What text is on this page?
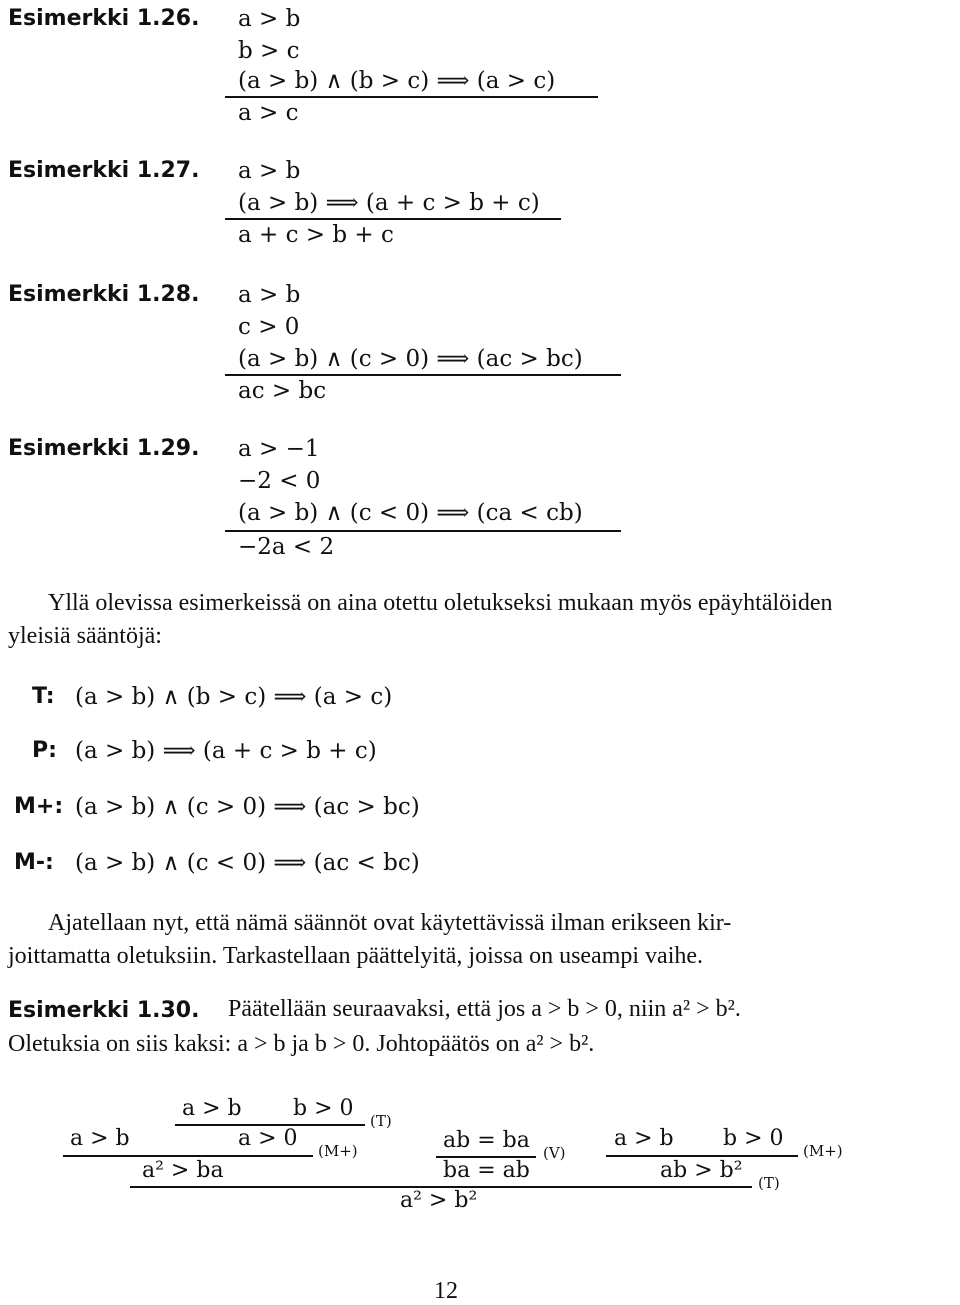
Esimerkki 1.26. a > b
b > c
(a > b) ∧ (b > c) ⟹ (a > c)
a > c
Esimerkki 1.27. a > b
(a > b) ⟹ (a + c > b + c)
a + c > b + c
Esimerkki 1.28. a > b
c > 0
(a > b) ∧ (c > 0) ⟹ (ac > bc)
ac > bc
Esimerkki 1.29. a > −1
−2 < 0
(a > b) ∧ (c < 0) ⟹ (ca < cb)
−2a < 2
Yllä olevissa esimerkeissä on aina otettu oletukseksi mukaan myös epäyhtälöiden
yleisiä sääntöjä:
T: (a > b) ∧ (b > c) ⟹ (a > c)
P: (a > b) ⟹ (a + c > b + c)
M+: (a > b) ∧ (c > 0) ⟹ (ac > bc)
M-: (a > b) ∧ (c < 0) ⟹ (ac < bc)
Ajatellaan nyt, että nämä säännöt ovat käytettävissä ilman erikseen kir-
joittamatta oletuksiin. Tarkastellaan päättelyitä, joissa on useampi vaihe.
Esimerkki 1.30. Päätellään seuraavaksi, että jos a > b > 0, niin a² > b².
Oletuksia on siis kaksi: a > b ja b > 0. Johtopäätös on a² > b².
a > b b > 0 (T)
a > b	a > 0 (M+)
a² > ba
ab = ba (V)
ba = ab
a > b b > 0 (M+)
ab > b² (T)
a² > b²
12
